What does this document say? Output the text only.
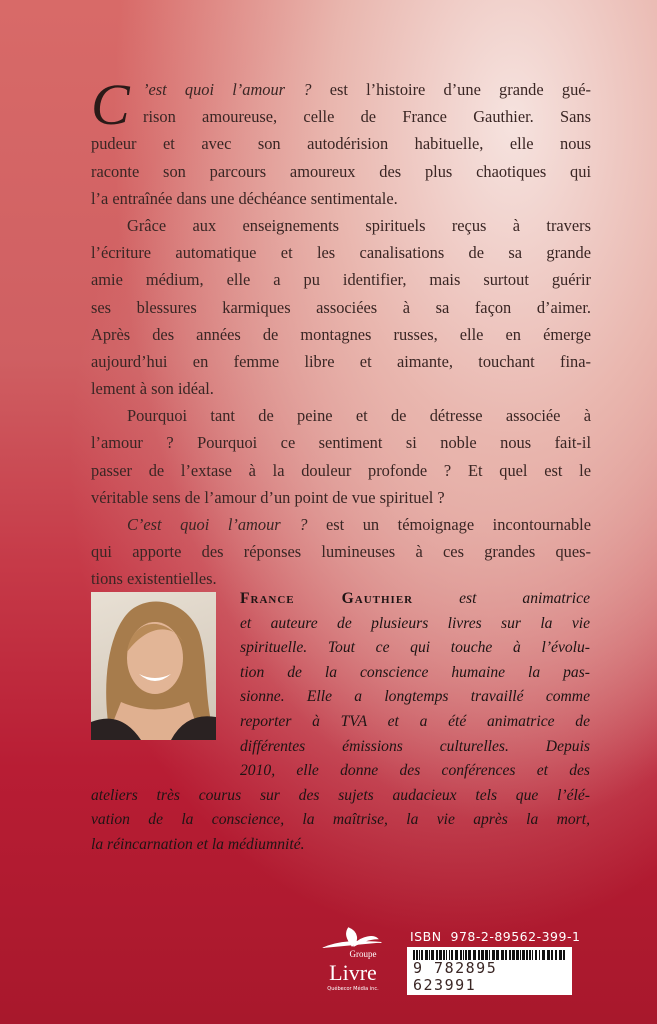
C ’est quoi l’amour ? est l’histoire d’une grande gué-
rison amoureuse, celle de France Gauthier. Sans
pudeur et avec son autodérision habituelle, elle nous
raconte son parcours amoureux des plus chaotiques qui
l’a entraînée dans une déchéance sentimentale.
Grâce aux enseignements spirituels reçus à travers
l’écriture automatique et les canalisations de sa grande
amie médium, elle a pu identifier, mais surtout guérir
ses blessures karmiques associées à sa façon d’aimer.
Après des années de montagnes russes, elle en émerge
aujourd’hui en femme libre et aimante, touchant fina-
lement à son idéal.
Pourquoi tant de peine et de détresse associée à
l’amour ? Pourquoi ce sentiment si noble nous fait-il
passer de l’extase à la douleur profonde ? Et quel est le
véritable sens de l’amour d’un point de vue spirituel ?
C’est quoi l’amour ? est un témoignage incontournable
qui apporte des réponses lumineuses à ces grandes ques-
tions existentielles.
France Gauthier est animatrice
et auteure de plusieurs livres sur la vie
spirituelle. Tout ce qui touche à l’évolu-
tion de la conscience humaine la pas-
sionne. Elle a longtemps travaillé comme
reporter à TVA et a été animatrice de
différentes émissions culturelles. Depuis
2010, elle donne des conférences et des
ateliers très courus sur des sujets audacieux tels que l’élé-
vation de la conscience, la maîtrise, la vie après la mort,
la réincarnation et la médiumnité.
Groupe
Livre
Québecor Média inc.
ISBN  978-2-89562-399-1
9 782895 623991
